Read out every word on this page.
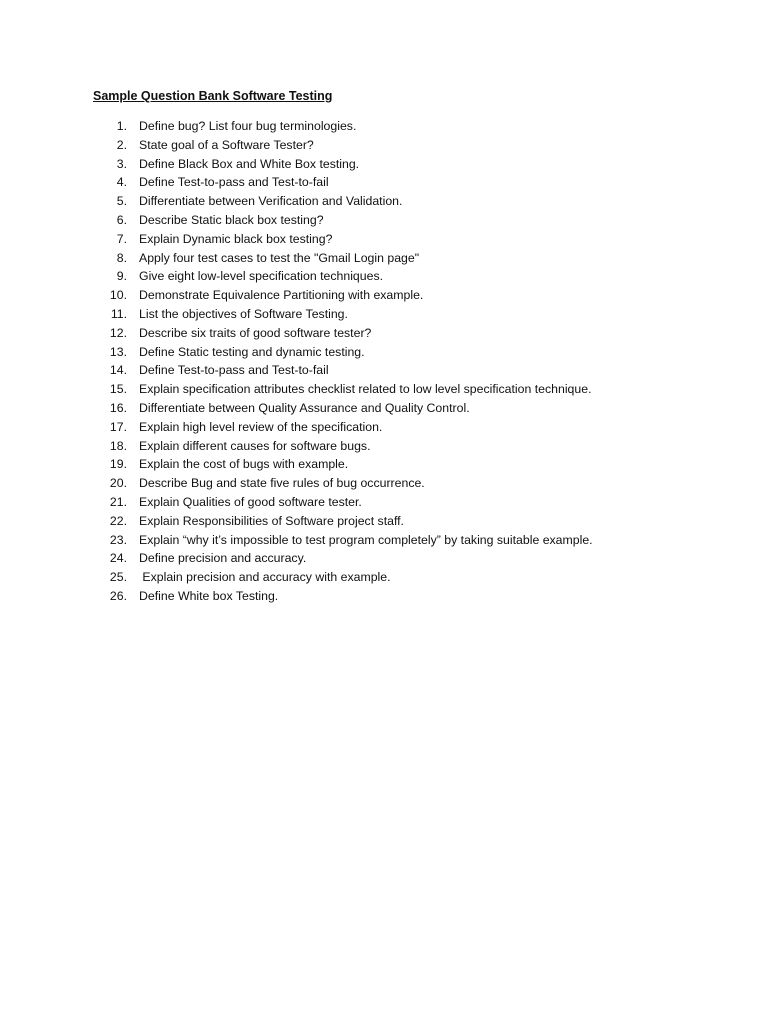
Sample Question Bank Software Testing
1. Define bug? List four bug terminologies.
2. State goal of a Software Tester?
3. Define Black Box and White Box testing.
4. Define Test-to-pass and Test-to-fail
5. Differentiate between Verification and Validation.
6. Describe Static black box testing?
7. Explain Dynamic black box testing?
8. Apply four test cases to test the "Gmail Login page"
9. Give eight low-level specification techniques.
10. Demonstrate Equivalence Partitioning with example.
11. List the objectives of Software Testing.
12. Describe six traits of good software tester?
13. Define Static testing and dynamic testing.
14. Define Test-to-pass and Test-to-fail
15. Explain specification attributes checklist related to low level specification technique.
16. Differentiate between Quality Assurance and Quality Control.
17. Explain high level review of the specification.
18. Explain different causes for software bugs.
19. Explain the cost of bugs with example.
20. Describe Bug and state five rules of bug occurrence.
21. Explain Qualities of good software tester.
22. Explain Responsibilities of Software project staff.
23. Explain “why it’s impossible to test program completely” by taking suitable example.
24. Define precision and accuracy.
25. Explain precision and accuracy with example.
26. Define White box Testing.
